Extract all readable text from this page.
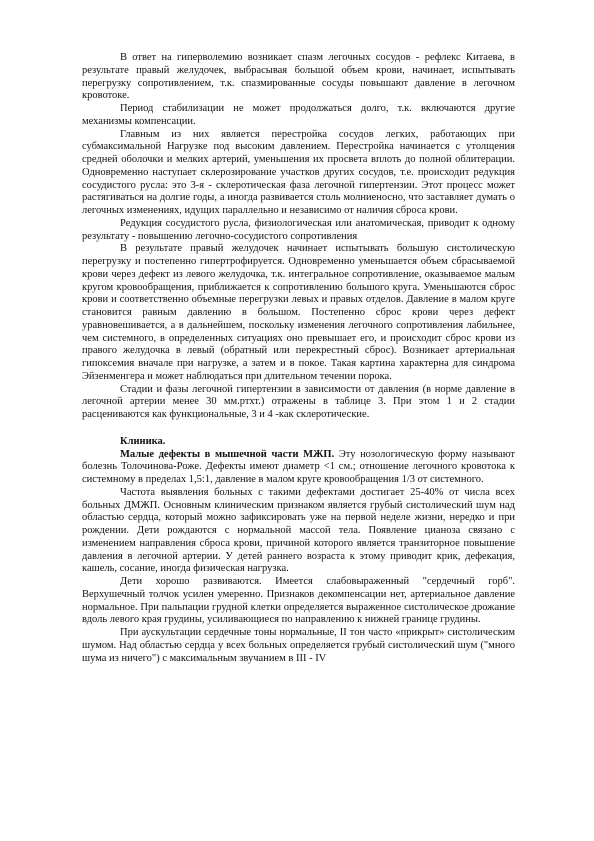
В ответ на гиперволемию возникает спазм легочных сосудов - рефлекс Китаева, в результате правый желудочек, выбрасывая большой объем крови, начинает, испытывать перегрузку сопротивлением, т.к. спазмированные сосуды повышают давление в легочном кровотоке.

Период стабилизации не может продолжаться долго, т.к. включаются другие механизмы компенсации.

Главным из них является перестройка сосудов легких, работающих при субмаксимальной Нагрузке под высоким давлением. Перестройка начинается с утолщения средней оболочки и мелких артерий, уменьшения их просвета вплоть до полной облитерации. Одновременно наступает склерозирование участков других сосудов, т.е. происходит редукция сосудистого русла: это 3-я - склеротическая фаза легочной гипертензии. Этот процесс может растягиваться на долгие годы, а иногда развивается столь молниеносно, что заставляет думать о легочных изменениях, идущих параллельно и независимо от наличия сброса крови.

Редукция сосудистого русла, физиологическая или анатомическая, приводит к одному результату - повышению легочно-сосудистого сопротивления

В результате правый желудочек начинает испытывать большую систолическую перегрузку и постепенно гипертрофируется. Одновременно уменьшается объем сбрасываемой крови через дефект из левого желудочка, т.к. интегральное сопротивление, оказываемое малым кругом кровообращения, приближается к сопротивлению большого круга. Уменьшаются сброс крови и соответственно объемные перегрузки левых и правых отделов. Давление в малом круге становится равным давлению в большом. Постепенно сброс крови через дефект уравновешивается, а в дальнейшем, поскольку изменения легочного сопротивления лабильнее, чем системного, в определенных ситуациях оно превышает его, и происходит сброс крови из правого желудочка в левый (обратный или перекрестный сброс). Возникает артериальная гипоксемия вначале при нагрузке, а затем и в покое. Такая картина характерна для синдрома Эйзенменгера и может наблюдаться при длительном течении порока.

Стадии и фазы легочной гипертензии в зависимости от давления (в норме давление в легочной артерии менее 30 мм.ртхт.) отражены в таблице 3. При этом 1 и 2 стадии расцениваются как функциональные, 3 и 4 -как склеротические.

Клиника.

Малые дефекты в мышечной части МЖП. Эту нозологическую форму называют болезнь Толочинова-Роже. Дефекты имеют диаметр <1 см.; отношение легочного кровотока к системному в пределах 1,5:1, давление в малом круге кровообращения 1/3 от системного.

Частота выявления больных с такими дефектами достигает 25-40% от числа всех больных ДМЖП. Основным клиническим признаком является грубый систолический шум над областью сердца, который можно зафиксировать уже на первой неделе жизни, нередко и при рождении. Дети рождаются с нормальной массой тела. Появление цианоза связано с изменением направления сброса крови, причиной которого является транзиторное повышение давления в легочной артерии. У детей раннего возраста к этому приводит крик, дефекация, кашель, сосание, иногда физическая нагрузка.

Дети хорошо развиваются. Имеется слабовыраженный "сердечный горб". Верхушечный толчок усилен умеренно. Признаков декомпенсации нет, артериальное давление нормальное. При пальпации грудной клетки определяется выраженное систолическое дрожание вдоль левого края грудины, усиливающиеся по направлению к нижней границе грудины.

При аускультации сердечные тоны нормальные, II тон часто «прикрыт» систолическим шумом. Над областью сердца у всех больных определяется грубый систолический шум ("много шума из ничего") с максимальным звучанием в III - IV
